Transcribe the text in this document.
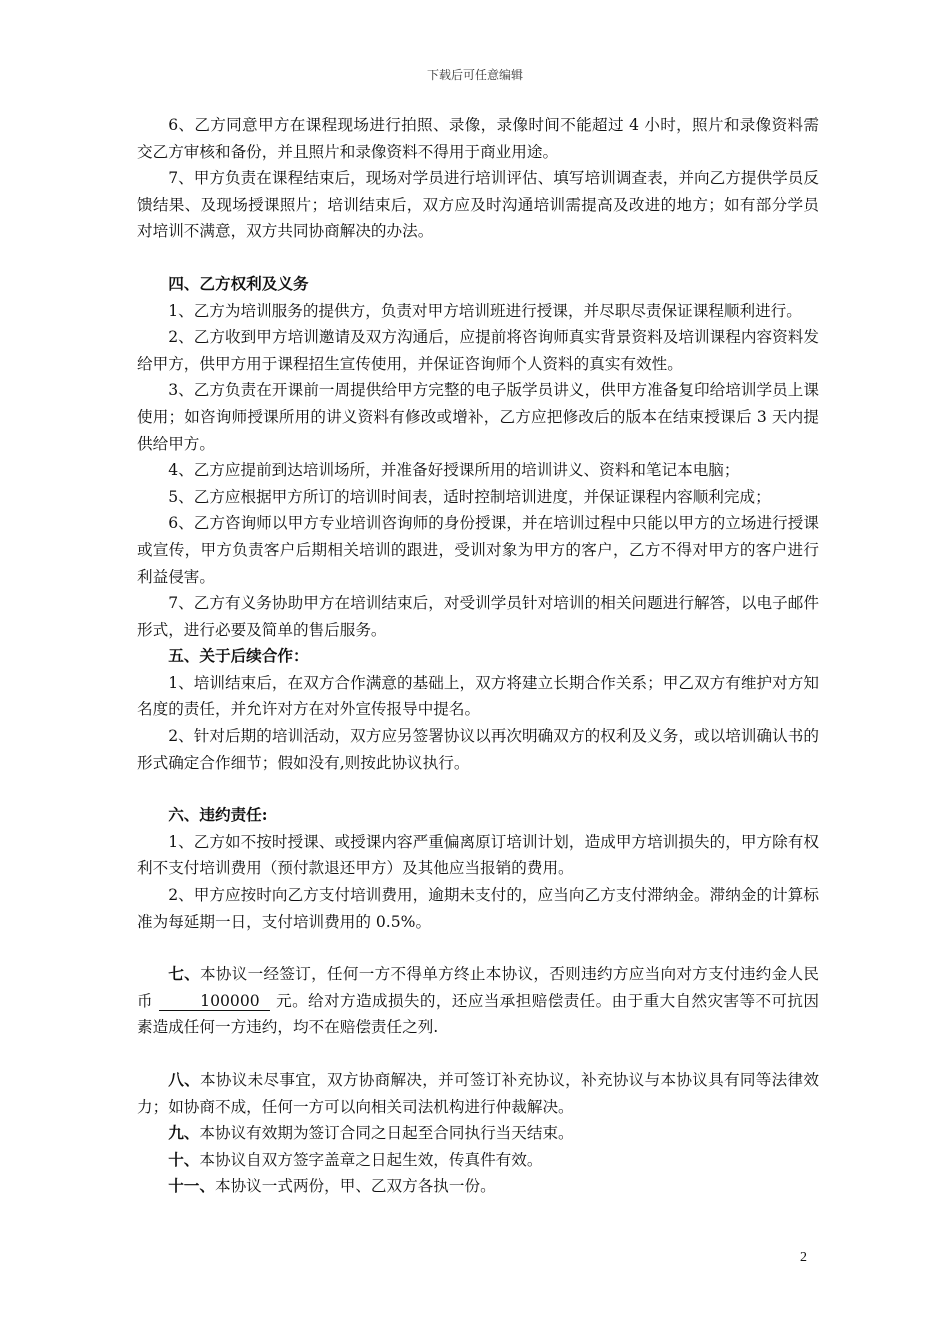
下载后可任意编辑

6、乙方同意甲方在课程现场进行拍照、录像，录像时间不能超过 4 小时，照片和录像资料需交乙方审核和备份，并且照片和录像资料不得用于商业用途。

7、甲方负责在课程结束后，现场对学员进行培训评估、填写培训调查表，并向乙方提供学员反馈结果、及现场授课照片；培训结束后，双方应及时沟通培训需提高及改进的地方；如有部分学员对培训不满意，双方共同协商解决的办法。

四、乙方权利及义务

1、乙方为培训服务的提供方，负责对甲方培训班进行授课，并尽职尽责保证课程顺利进行。

2、乙方收到甲方培训邀请及双方沟通后，应提前将咨询师真实背景资料及培训课程内容资料发给甲方，供甲方用于课程招生宣传使用，并保证咨询师个人资料的真实有效性。

3、乙方负责在开课前一周提供给甲方完整的电子版学员讲义，供甲方准备复印给培训学员上课使用；如咨询师授课所用的讲义资料有修改或增补，乙方应把修改后的版本在结束授课后 3 天内提供给甲方。

4、乙方应提前到达培训场所，并准备好授课所用的培训讲义、资料和笔记本电脑；

5、乙方应根据甲方所订的培训时间表，适时控制培训进度，并保证课程内容顺利完成；

6、乙方咨询师以甲方专业培训咨询师的身份授课，并在培训过程中只能以甲方的立场进行授课或宣传，甲方负责客户后期相关培训的跟进，受训对象为甲方的客户，乙方不得对甲方的客户进行利益侵害。

7、乙方有义务协助甲方在培训结束后，对受训学员针对培训的相关问题进行解答，以电子邮件形式，进行必要及简单的售后服务。

五、关于后续合作：

1、培训结束后，在双方合作满意的基础上，双方将建立长期合作关系；甲乙双方有维护对方知名度的责任，并允许对方在对外宣传报导中提名。

2、针对后期的培训活动，双方应另签署协议以再次明确双方的权利及义务，或以培训确认书的形式确定合作细节；假如没有,则按此协议执行。

六、违约责任:

1、乙方如不按时授课、或授课内容严重偏离原订培训计划，造成甲方培训损失的，甲方除有权利不支付培训费用（预付款退还甲方）及其他应当报销的费用。

2、甲方应按时向乙方支付培训费用，逾期未支付的，应当向乙方支付滞纳金。滞纳金的计算标准为每延期一日，支付培训费用的 0.5%。

七、本协议一经签订，任何一方不得单方终止本协议，否则违约方应当向对方支付违约金人民币	100000 元。给对方造成损失的，还应当承担赔偿责任。由于重大自然灾害等不可抗因素造成任何一方违约，均不在赔偿责任之列.

八、本协议未尽事宜，双方协商解决，并可签订补充协议，补充协议与本协议具有同等法律效力；如协商不成，任何一方可以向相关司法机构进行仲裁解决。

九、本协议有效期为签订合同之日起至合同执行当天结束。

十、本协议自双方签字盖章之日起生效，传真件有效。

十一、本协议一式两份，甲、乙双方各执一份。

2
